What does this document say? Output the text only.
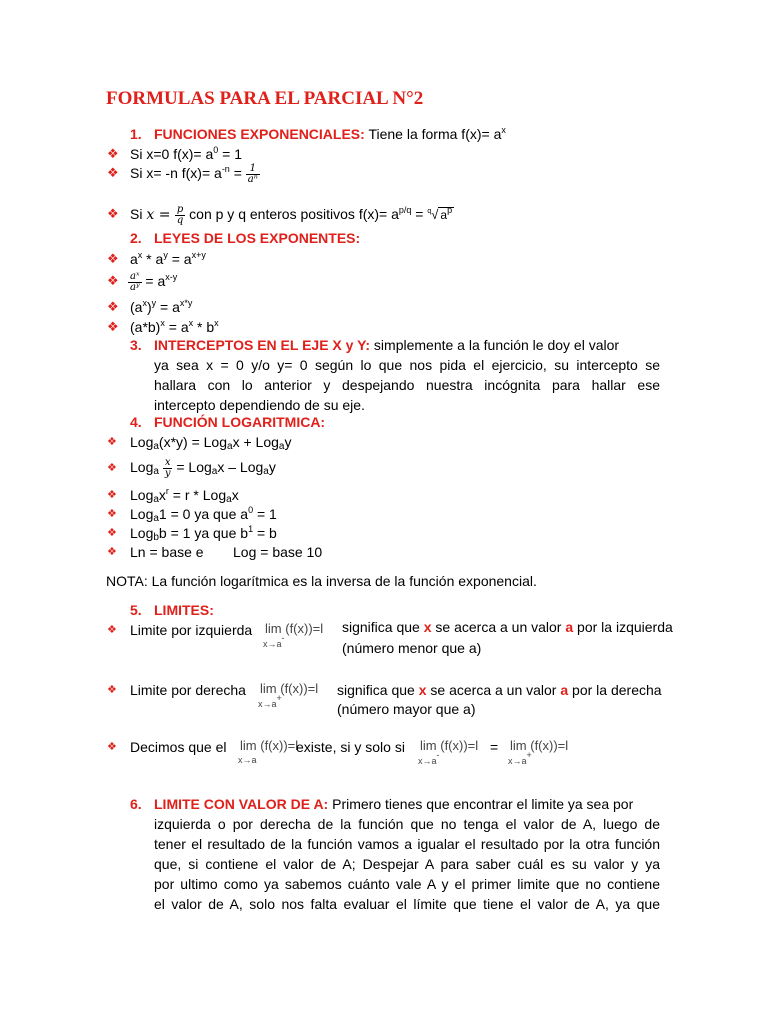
FORMULAS PARA EL PARCIAL N°2
1. FUNCIONES EXPONENCIALES: Tiene la forma $f(x)= a^x$
❖ Si x=0 $f(x)= a^0 = 1$
❖ Si x= -n $f(x)= a^{-n} = \frac{1}{\text{aⁿ}}$
❖ Si $x = \frac{p}{q}$ con p y q enteros positivos $f(x)= a^{p/q} = ^q√$ $a^p$
2. LEYES DE LOS EXPONENTES:
❖ $a^x * a^y = a^{x+y}$
❖ $\frac{\text{aˣ}}{\text{aʸ}} = a^{x-y}$
❖ $(a^x)^y = a^{x*y}$
❖ $(a*b)^x = a^x * b^x$
3. INTERCEPTOS EN EL EJE X y Y: simplemente a la función le doy el valor
ya sea x = 0 y/o y= 0 según lo que nos pida el ejercicio, su intercepto se
hallara con lo anterior y despejando nuestra incógnita para hallar ese
intercepto dependiendo de su eje.
4. FUNCIÓN LOGARITMICA:
❖ Log$_a$(x*y) = Log$_a$x + Log$_a$y
❖ $Log_a \frac{x}{y} = Log_ax - Log_ay$
❖ $Log_ax^r = r * Log_ax$
❖ Log$_a$1 = 0 ya que $a^0 = 1$
❖ Log$_b$b = 1 ya que $b^1 = b$
❖ Ln = base e Log = base 10
NOTA: La función logarítmica es la inversa de la función exponencial.
5. LIMITES:
❖ Limite por izquierda lim (f(x))=l
x→a-
significa que x se acerca a un valor a por la izquierda
(número menor que a)
❖ Limite por derecha lim (f(x))=l
x→a+	significa que x se acerca a un valor a por la derecha
(número mayor que a)
❖ Decimos que el lim (f(x))=l
x→a
existe, si y solo si lim (f(x))=l
x→a-	= lim (f(x))=l
x→a+
6. LIMITE CON VALOR DE A: Primero tienes que encontrar el limite ya sea por
izquierda o por derecha de la función que no tenga el valor de A, luego de
tener el resultado de la función vamos a igualar el resultado por la otra función
que, si contiene el valor de A; Despejar A para saber cuál es su valor y ya
por ultimo como ya sabemos cuánto vale A y el primer limite que no contiene
el valor de A, solo nos falta evaluar el límite que tiene el valor de A, ya que
